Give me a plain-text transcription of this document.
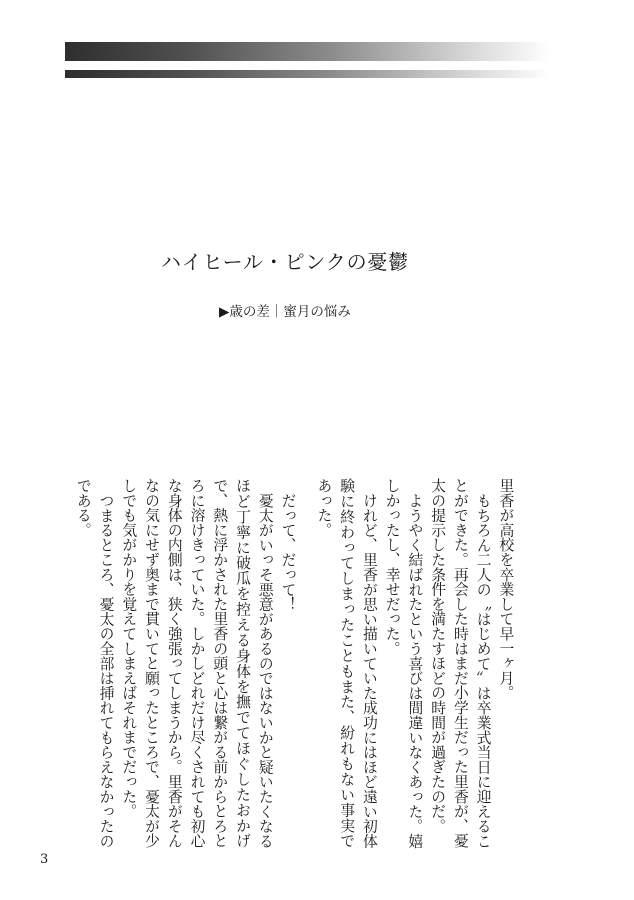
ハイヒール・ピンクの憂鬱
▶歳の差｜蜜月の悩み
里香が高校を卒業して早一ヶ月。
もちろん二人の〝はじめて〟は卒業式当日に迎えるこ
とができた。再会した時はまだ小学生だった里香が、憂
太の提示した条件を満たすほどの時間が過ぎたのだ。
ようやく結ばれたという喜びは間違いなくあった。嬉
しかったし、幸せだった。
けれど、里香が思い描いていた成功にはほど遠い初体
験に終わってしまったこともまた、紛れもない事実で
あった。
だって、だって！
憂太がいっそ悪意があるのではないかと疑いたくなる
ほど丁寧に破瓜を控える身体を撫でてほぐしたおかげ
で、熱に浮かされた里香の頭と心は繋がる前からとろと
ろに溶けきっていた。しかしどれだけ尽くされても初心
な身体の内側は、狭く強張ってしまうから。里香がそん
なの気にせず奥まで貫いてと願ったところで、憂太が少
しでも気がかりを覚えてしまえばそれまでだった。
つまるところ、憂太の全部は挿れてもらえなかったの
である。
3
